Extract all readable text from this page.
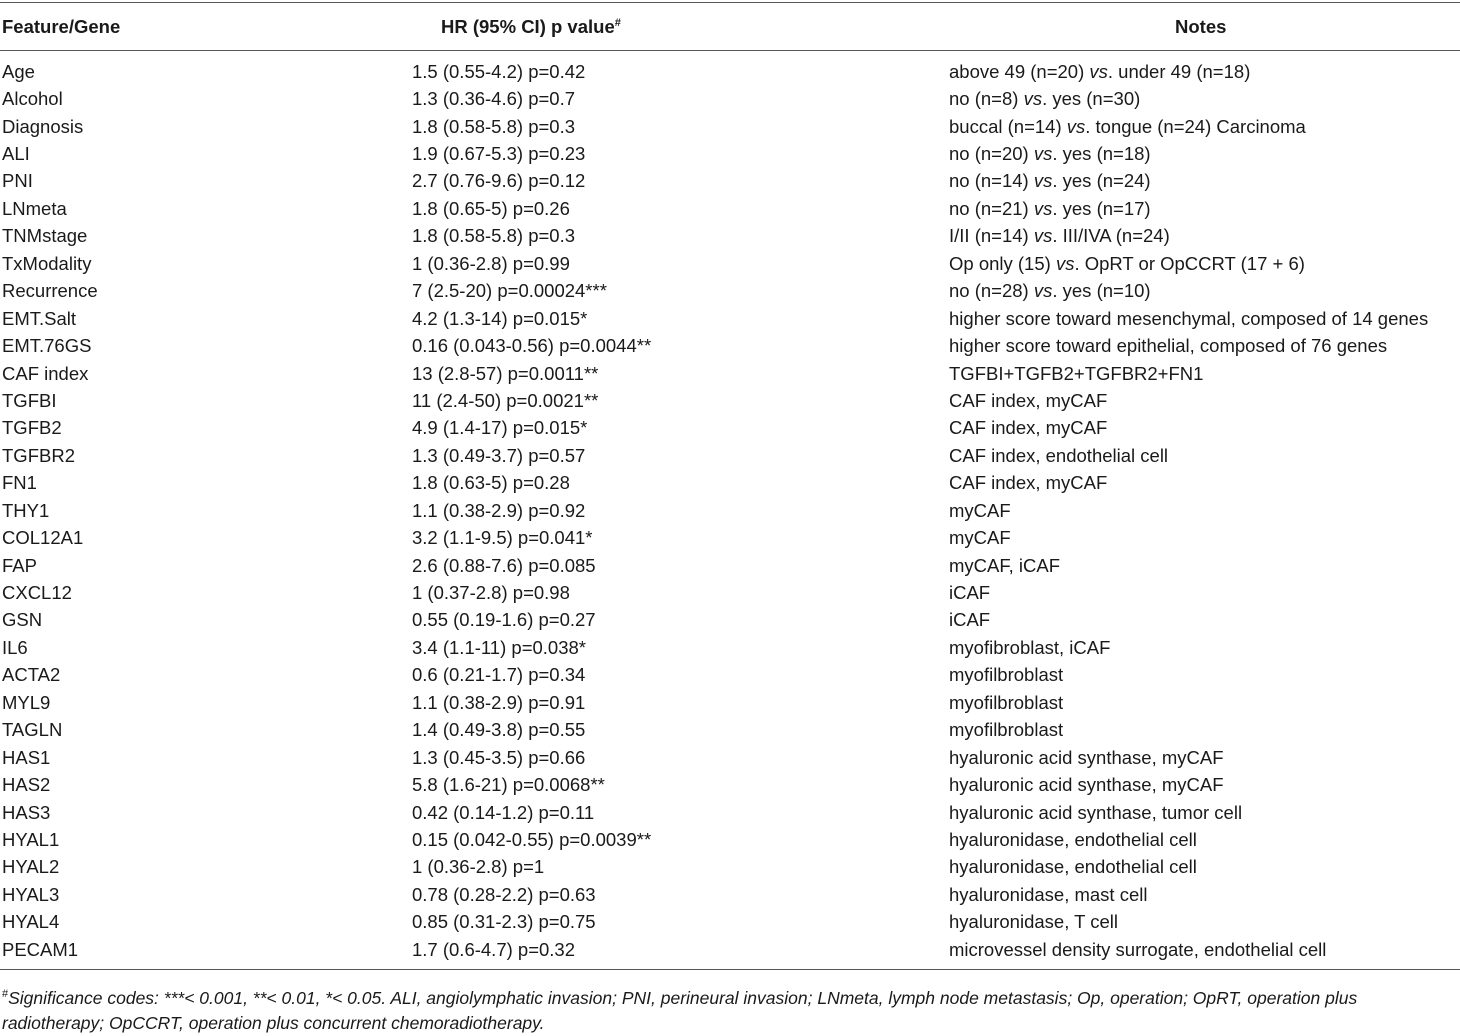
Feature/Gene	HR (95% CI) p value#	Notes
Age	1.5 (0.55-4.2) p=0.42	above 49 (n=20) vs. under 49 (n=18)
Alcohol	1.3 (0.36-4.6) p=0.7	no (n=8) vs. yes (n=30)
Diagnosis	1.8 (0.58-5.8) p=0.3	buccal (n=14) vs. tongue (n=24) Carcinoma
ALI	1.9 (0.67-5.3) p=0.23	no (n=20) vs. yes (n=18)
PNI	2.7 (0.76-9.6) p=0.12	no (n=14) vs. yes (n=24)
LNmeta	1.8 (0.65-5) p=0.26	no (n=21) vs. yes (n=17)
TNMstage	1.8 (0.58-5.8) p=0.3	I/II (n=14) vs. III/IVA (n=24)
TxModality	1 (0.36-2.8) p=0.99	Op only (15) vs. OpRT or OpCCRT (17 + 6)
Recurrence	7 (2.5-20) p=0.00024***	no (n=28) vs. yes (n=10)
EMT.Salt	4.2 (1.3-14) p=0.015*	higher score toward mesenchymal, composed of 14 genes
EMT.76GS	0.16 (0.043-0.56) p=0.0044**	higher score toward epithelial, composed of 76 genes
CAF index	13 (2.8-57) p=0.0011**	TGFBI+TGFB2+TGFBR2+FN1
TGFBI	11 (2.4-50) p=0.0021**	CAF index, myCAF
TGFB2	4.9 (1.4-17) p=0.015*	CAF index, myCAF
TGFBR2	1.3 (0.49-3.7) p=0.57	CAF index, endothelial cell
FN1	1.8 (0.63-5) p=0.28	CAF index, myCAF
THY1	1.1 (0.38-2.9) p=0.92	myCAF
COL12A1	3.2 (1.1-9.5) p=0.041*	myCAF
FAP	2.6 (0.88-7.6) p=0.085	myCAF, iCAF
CXCL12	1 (0.37-2.8) p=0.98	iCAF
GSN	0.55 (0.19-1.6) p=0.27	iCAF
IL6	3.4 (1.1-11) p=0.038*	myofibroblast, iCAF
ACTA2	0.6 (0.21-1.7) p=0.34	myofilbroblast
MYL9	1.1 (0.38-2.9) p=0.91	myofilbroblast
TAGLN	1.4 (0.49-3.8) p=0.55	myofilbroblast
HAS1	1.3 (0.45-3.5) p=0.66	hyaluronic acid synthase, myCAF
HAS2	5.8 (1.6-21) p=0.0068**	hyaluronic acid synthase, myCAF
HAS3	0.42 (0.14-1.2) p=0.11	hyaluronic acid synthase, tumor cell
HYAL1	0.15 (0.042-0.55) p=0.0039**	hyaluronidase, endothelial cell
HYAL2	1 (0.36-2.8) p=1	hyaluronidase, endothelial cell
HYAL3	0.78 (0.28-2.2) p=0.63	hyaluronidase, mast cell
HYAL4	0.85 (0.31-2.3) p=0.75	hyaluronidase, T cell
PECAM1	1.7 (0.6-4.7) p=0.32	microvessel density surrogate, endothelial cell
#Significance codes: ***< 0.001, **< 0.01, *< 0.05. ALI, angiolymphatic invasion; PNI, perineural invasion; LNmeta, lymph node metastasis; Op, operation; OpRT, operation plus radiotherapy; OpCCRT, operation plus concurrent chemoradiotherapy.
